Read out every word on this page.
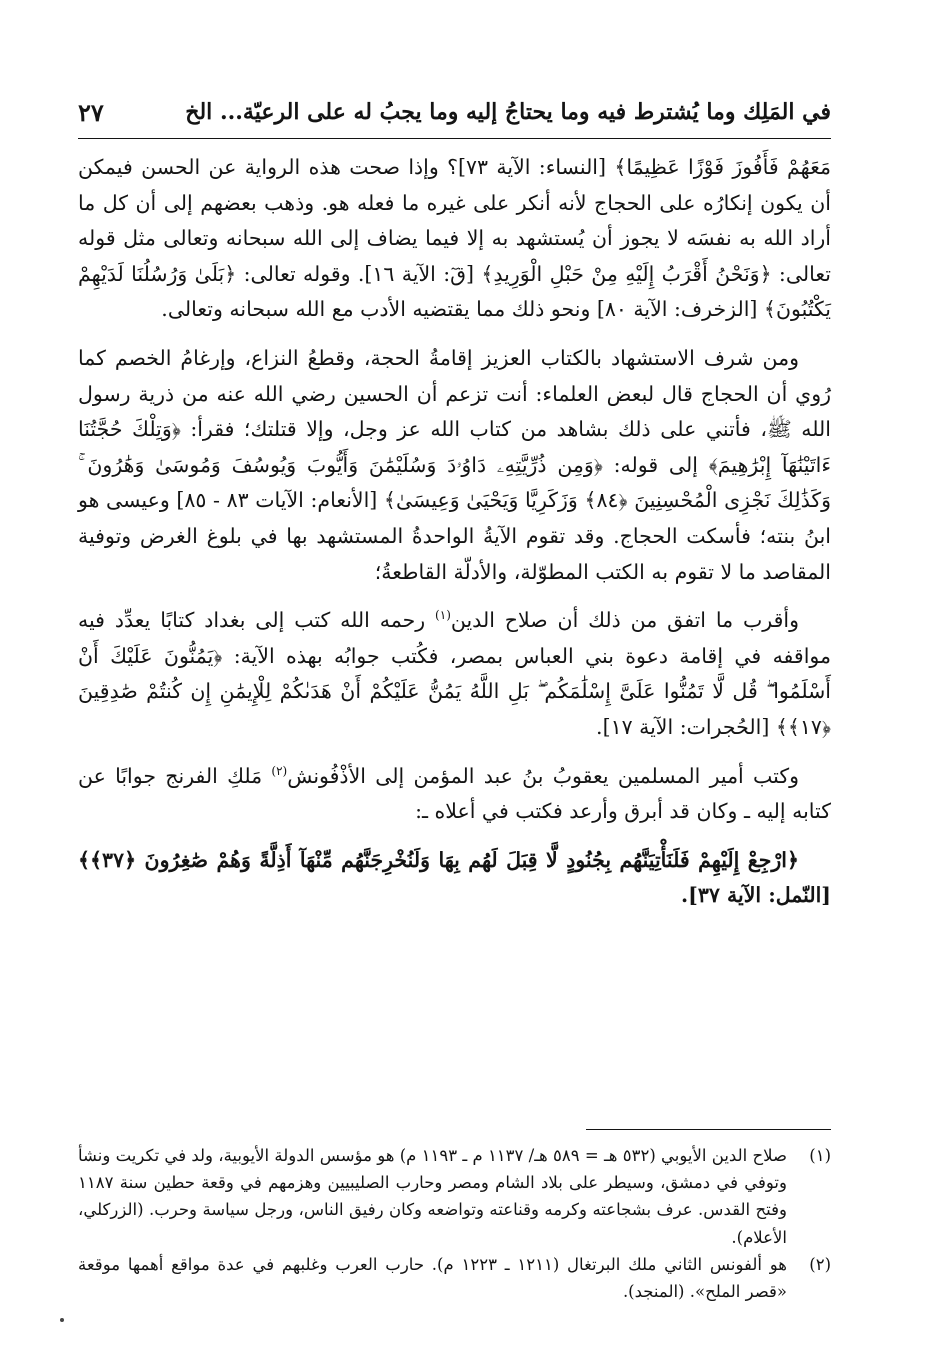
في المَلِك وما يُشترط فيه وما يحتاجُ إليه وما يجبُ له على الرعيّة... الخ
٢٧

مَعَهُمْ فَأَفُوزَ فَوْزًا عَظِيمًا﴾ [النساء: الآية ٧٣]؟ وإذا صحت هذه الرواية عن الحسن فيمكن أن يكون إنكارُه على الحجاج لأنه أنكر على غيره ما فعله هو. وذهب بعضهم إلى أن كل ما أراد الله به نفسَه لا يجوز أن يُستشهد به إلا فيما يضاف إلى الله سبحانه وتعالى مثل قوله تعالى: ﴿وَنَحْنُ أَقْرَبُ إِلَيْهِ مِنْ حَبْلِ الْوَرِيدِ﴾ [قٓ: الآية ١٦]. وقوله تعالى: ﴿بَلَىٰ وَرُسُلُنَا لَدَيْهِمْ يَكْتُبُونَ﴾ [الزخرف: الآية ٨٠] ونحو ذلك مما يقتضيه الأدب مع الله سبحانه وتعالى.

ومن شرف الاستشهاد بالكتاب العزيز إقامةُ الحجة، وقطعُ النزاع، وإرغامُ الخصم كما رُوي أن الحجاج قال لبعض العلماء: أنت تزعم أن الحسين رضي الله عنه من ذرية رسول الله ﷺ، فأتني على ذلك بشاهد من كتاب الله عز وجل، وإلا قتلتك؛ فقرأ: ﴿وَتِلْكَ حُجَّتُنَا ءَاتَيْنَٰهَآ إِبْرَٰهِيمَ﴾ إلى قوله: ﴿وَمِن ذُرِّيَّتِهِۦ دَاوُۥدَ وَسُلَيْمَٰنَ وَأَيُّوبَ وَيُوسُفَ وَمُوسَىٰ وَهَٰرُونَ ۚ وَكَذَٰلِكَ نَجْزِى الْمُحْسِنِينَ ﴿٨٤﴾ وَزَكَرِيَّا وَيَحْيَىٰ وَعِيسَىٰ﴾ [الأنعام: الآيات ٨٣ - ٨٥] وعيسى هو ابنُ بنته؛ فأسكت الحجاج. وقد تقوم الآيةُ الواحدةُ المستشهد بها في بلوغ الغرض وتوفية المقاصد ما لا تقوم به الكتب المطوّلة، والأدلّة القاطعةُ؛

وأقرب ما اتفق من ذلك أن صلاح الدين$^{(١)}$ رحمه الله كتب إلى بغداد كتابًا يعدِّد فيه مواقفه في إقامة دعوة بني العباس بمصر، فكُتب جوابُه بهذه الآية: ﴿يَمُنُّونَ عَلَيْكَ أَنْ أَسْلَمُوا ۖ قُل لَّا تَمُنُّوا عَلَىَّ إِسْلَٰمَكُم ۖ بَلِ اللَّهُ يَمُنُّ عَلَيْكُمْ أَنْ هَدَىٰكُمْ لِلْإِيمَٰنِ إِن كُنتُمْ صَٰدِقِينَ ﴿١٧﴾﴾ [الحُجرات: الآية ١٧].

وكتب أمير المسلمين يعقوبُ بنُ عبد المؤمن إلى الأذْفُونش$^{(٢)}$ مَلكِ الفرنج جوابًا عن كتابه إليه ـ وكان قد أبرق وأرعد فكتب في أعلاه ـ:

﴿ارْجِعْ إِلَيْهِمْ فَلَنَأْتِيَنَّهُم بِجُنُودٍ لَّا قِبَلَ لَهُم بِهَا وَلَنُخْرِجَنَّهُم مِّنْهَآ أَذِلَّةً وَهُمْ صَٰغِرُونَ ﴿٣٧﴾﴾ [النّمل: الآية ٣٧].

(١)
صلاح الدين الأيوبي (٥٣٢ هـ = ٥٨٩ هـ/ ١١٣٧ م ـ ١١٩٣ م) هو مؤسس الدولة الأيوبية، ولد في تكريت ونشأ وتوفي في دمشق، وسيطر على بلاد الشام ومصر وحارب الصليبيين وهزمهم في وقعة حطين سنة ١١٨٧ وفتح القدس. عرف بشجاعته وكرمه وقناعته وتواضعه وكان رفيق الناس، ورجل سياسة وحرب. (الزركلي، الأعلام).
(٢)
هو ألفونس الثاني ملك البرتغال (١٢١١ ـ ١٢٢٣ م). حارب العرب وغلبهم في عدة مواقع أهمها موقعة «قصر الملح». (المنجد).
